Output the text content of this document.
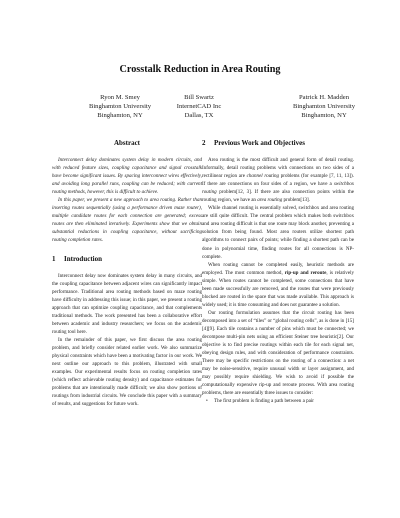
Crosstalk Reduction in Area Routing
Ryon M. Smey
Binghamton University
Binghamton, NY
Bill Swartz
InternetCAD Inc
Dallas, TX
Patrick H. Madden
Binghamton University
Binghamton, NY
Abstract

Interconnect delay dominates system delay in modern circuits, and with reduced feature sizes, coupling capacitance and signal crosstalk have become significant issues. By spacing interconnect wires effectively, and avoiding long parallel runs, coupling can be reduced; with current routing methods, however, this is difficult to achieve.

In this paper, we present a new approach to area routing. Rather than inserting routes sequentially (using a performance driven maze router), multiple candidate routes for each connection are generated; excess routes are then eliminated iteratively. Experiments show that we obtain substantial reductions in coupling capacitance, without sacrificing routing completion rates.

1 Introduction

Interconnect delay now dominates system delay in many circuits, and the coupling capacitance between adjacent wires can significantly impact performance. Traditional area routing methods based on maze routing have difficulty in addressing this issue; in this paper, we present a routing approach that can optimize coupling capacitance, and that complements traditional methods. The work presented has been a collaborative effort between academic and industry researchers; we focus on the academic routing tool here.

In the remainder of this paper, we first discuss the area routing problem, and briefly consider related earlier work. We also summarize physical constraints which have been a motivating factor in our work. We next outline our approach to this problem, illustrated with small examples. Our experimental results focus on routing completion rates (which reflect achievable routing density) and capacitance estimates for problems that are intentionally made difficult; we also show portions of routings from industrial circuits. We conclude this paper with a summary of results, and suggestions for future work.

2 Previous Work and Objectives

Area routing is the most difficult and general form of detail routing. Informally, detail routing problems with connections on two sides of a rectilinear region are channel routing problems (for example [7, 11, 13]). If there are connections on four sides of a region, we have a switchbox routing problem[12, 3]. If there are also connection points within the routing region, we have an area routing problem[13].

While channel routing is essentially solved, switchbox and area routing are still quite difficult. The central problem which makes both switchbox and area routing difficult is that one route may block another, preventing a solution from being found. Most area routers utilize shortest path algorithms to connect pairs of points; while finding a shortest path can be done in polynomial time, finding routes for all connections is NP-complete.

When routing cannot be completed easily, heuristic methods are employed. The most common method, rip-up and reroute, is relatively simple. When routes cannot be completed, some connections that have been made successfully are removed, and the routes that were previously blocked are routed in the space that was made available. This approach is widely used; it is time consuming and does not guarantee a solution.

Our routing formulation assumes that the circuit routing has been decomposed into a set of “tiles” or “global routing cells”, as is done in [15][4][9]. Each tile contains a number of pins which must be connected; we decompose multi-pin nets using an efficient Steiner tree heuristic[2]. Our objective is to find precise routings within each tile for each signal net, obeying design rules, and with consideration of performance constraints. There may be specific restrictions on the routing of a connection: a net may be noise-sensitive, require unusual width or layer assignment, and may possibly require shielding. We wish to avoid if possible the computationally expensive rip-up and reroute process. With area routing problems, there are essentially three issues to consider:

• The first problem is finding a path between a pair
